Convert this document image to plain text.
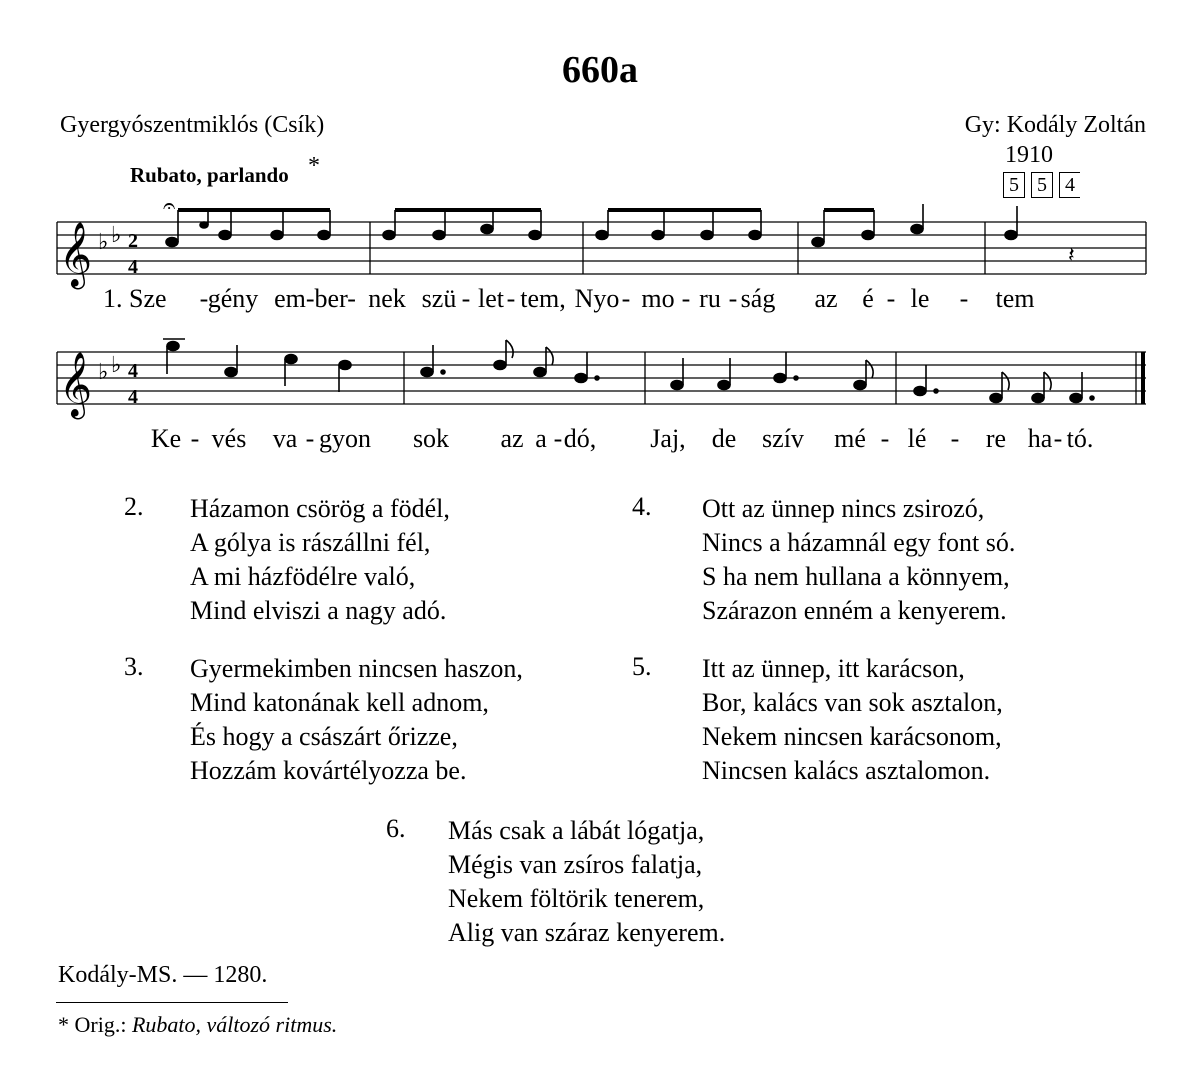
660a
Gyergyószentmiklós (Csík)	Gy: Kodály Zoltán
1910
5 5 4
Rubato, parlando *
𝄞 ♭ ♭ 2
4
𝄐
𝄽
𝄞 ♭ ♭ 4
4
1. Sze - gény em-ber- nek szü - let - tem, Nyo - mo - ru - ság az é - le - tem
Ke - vés va - gyon sok az a - dó, Jaj, de szív mé - lé - re ha - tó.
2. Házamon csörög a födél,
A gólya is rászállni fél,
A mi házfödélre való,
Mind elviszi a nagy adó.
3. Gyermekimben nincsen haszon,
Mind katonának kell adnom,
És hogy a császárt őrizze,
Hozzám kovártélyozza be.
4. Ott az ünnep nincs zsirozó,
Nincs a házamnál egy font só.
S ha nem hullana a könnyem,
Szárazon enném a kenyerem.
5. Itt az ünnep, itt karácson,
Bor, kalács van sok asztalon,
Nekem nincsen karácsonom,
Nincsen kalács asztalomon.
6. Más csak a lábát lógatja,
Mégis van zsíros falatja,
Nekem föltörik tenerem,
Alig van száraz kenyerem.
Kodály-MS. — 1280.
* Orig.: Rubato, változó ritmus.
